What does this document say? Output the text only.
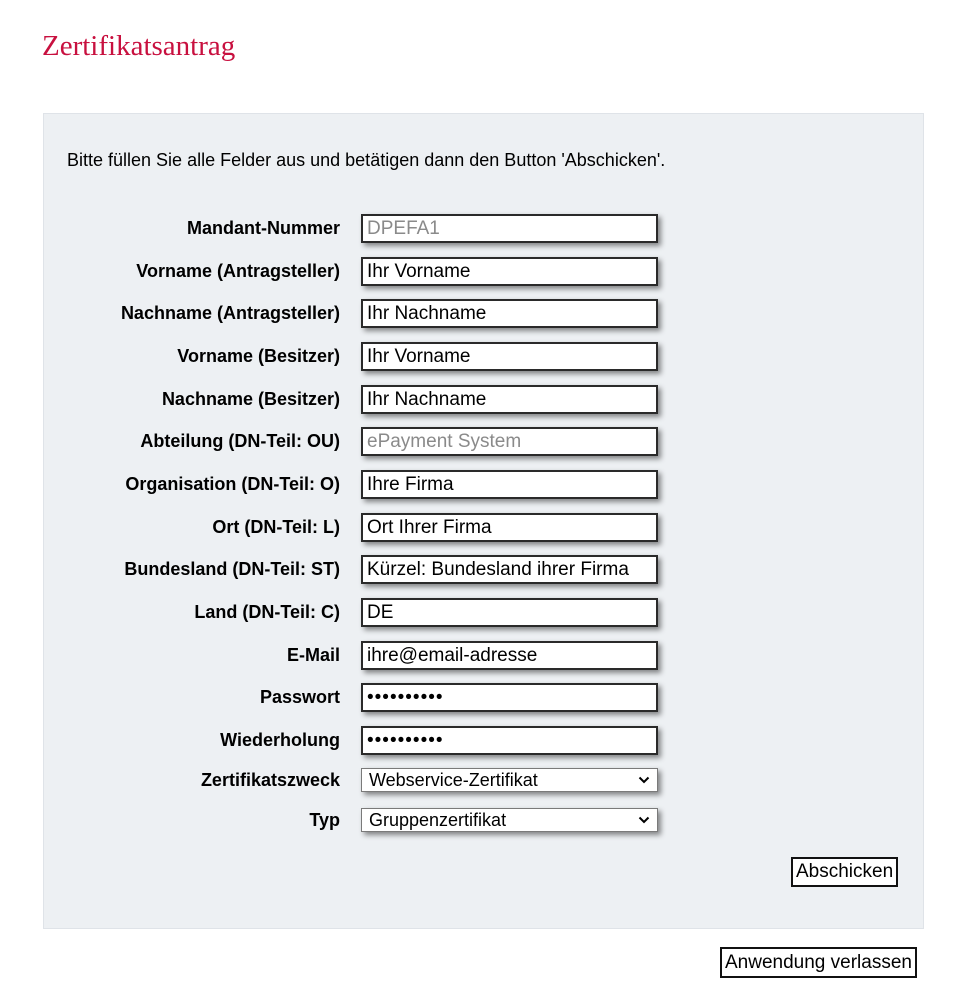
Zertifikatsantrag
Bitte füllen Sie alle Felder aus und betätigen dann den Button 'Abschicken'.
Mandant-Nummer
DPEFA1
Vorname (Antragsteller)
Ihr Vorname
Nachname (Antragsteller)
Ihr Nachname
Vorname (Besitzer)
Ihr Vorname
Nachname (Besitzer)
Ihr Nachname
Abteilung (DN-Teil: OU)
ePayment System
Organisation (DN-Teil: O)
Ihre Firma
Ort (DN-Teil: L)
Ort Ihrer Firma
Bundesland (DN-Teil: ST)
Kürzel: Bundesland ihrer Firma
Land (DN-Teil: C)
DE
E-Mail
ihre@email-adresse
Passwort
••••••••••
Wiederholung
••••••••••
Zertifikatszweck Webservice-Zertifikat
Typ Gruppenzertifikat
Abschicken
Anwendung verlassen
